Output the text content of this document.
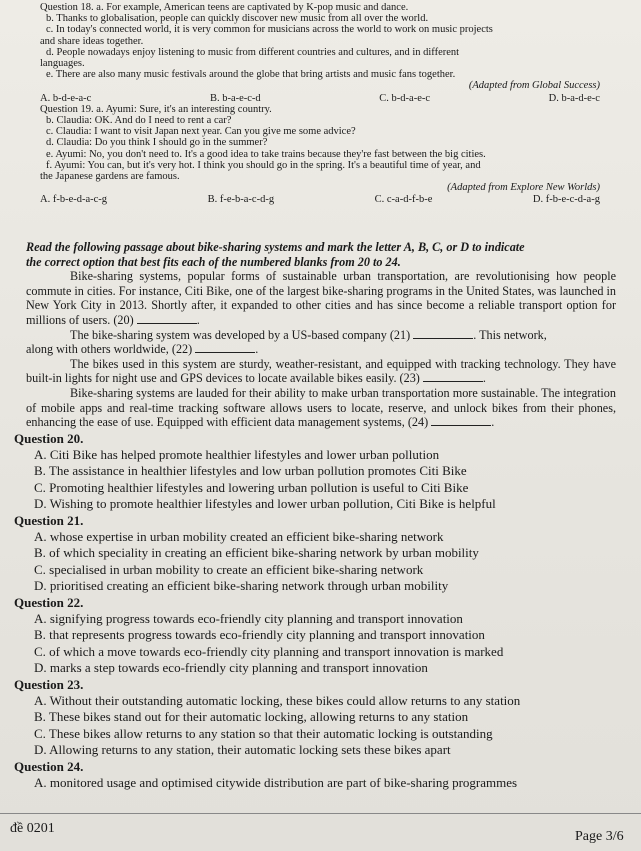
Question 18. a. For example, American teens are captivated by K-pop music and dance.

b. Thanks to globalisation, people can quickly discover new music from all over the world.

c. In today's connected world, it is very common for musicians across the world to work on music projects

and share ideas together.

d. People nowadays enjoy listening to music from different countries and cultures, and in different

languages.

e. There are also many music festivals around the globe that bring artists and music fans together.

(Adapted from Global Success)

A. b-d-e-a-c	B. b-a-e-c-d	C. b-d-a-e-c	D. b-a-d-e-c

Question 19. a. Ayumi: Sure, it's an interesting country.

b. Claudia: OK. And do I need to rent a car?

c. Claudia: I want to visit Japan next year. Can you give me some advice?

d. Claudia: Do you think I should go in the summer?

e. Ayumi: No, you don't need to. It's a good idea to take trains because they're fast between the big cities.

f. Ayumi: You can, but it's very hot. I think you should go in the spring. It's a beautiful time of year, and

the Japanese gardens are famous.

(Adapted from Explore New Worlds)

A. f-b-e-d-a-c-g	B. f-e-b-a-c-d-g	C. c-a-d-f-b-e	D. f-b-e-c-d-a-g

Read the following passage about bike-sharing systems and mark the letter A, B, C, or D to indicate

the correct option that best fits each of the numbered blanks from 20 to 24.

Bike-sharing systems, popular forms of sustainable urban transportation, are revolutionising how people commute in cities. For instance, Citi Bike, one of the largest bike-sharing programs in the United States, was launched in New York City in 2013. Shortly after, it expanded to other cities and has since become a reliable transport option for millions of users. (20)	.

The bike-sharing system was developed by a US-based company (21)	. This network,

along with others worldwide, (22)	.

The bikes used in this system are sturdy, weather-resistant, and equipped with tracking technology. They have built-in lights for night use and GPS devices to locate available bikes easily. (23)	.

Bike-sharing systems are lauded for their ability to make urban transportation more sustainable. The integration of mobile apps and real-time tracking software allows users to locate, reserve, and unlock bikes from their phones, enhancing the ease of use. Equipped with efficient data management systems, (24)	.

Question 20.
A. Citi Bike has helped promote healthier lifestyles and lower urban pollution
B. The assistance in healthier lifestyles and low urban pollution promotes Citi Bike
C. Promoting healthier lifestyles and lowering urban pollution is useful to Citi Bike
D. Wishing to promote healthier lifestyles and lower urban pollution, Citi Bike is helpful
Question 21.
A. whose expertise in urban mobility created an efficient bike-sharing network
B. of which speciality in creating an efficient bike-sharing network by urban mobility
C. specialised in urban mobility to create an efficient bike-sharing network
D. prioritised creating an efficient bike-sharing network through urban mobility
Question 22.
A. signifying progress towards eco-friendly city planning and transport innovation
B. that represents progress towards eco-friendly city planning and transport innovation
C. of which a move towards eco-friendly city planning and transport innovation is marked
D. marks a step towards eco-friendly city planning and transport innovation
Question 23.
A. Without their outstanding automatic locking, these bikes could allow returns to any station
B. These bikes stand out for their automatic locking, allowing returns to any station
C. These bikes allow returns to any station so that their automatic locking is outstanding
D. Allowing returns to any station, their automatic locking sets these bikes apart
Question 24.
A. monitored usage and optimised citywide distribution are part of bike-sharing programmes
đề 0201
Page 3/6
